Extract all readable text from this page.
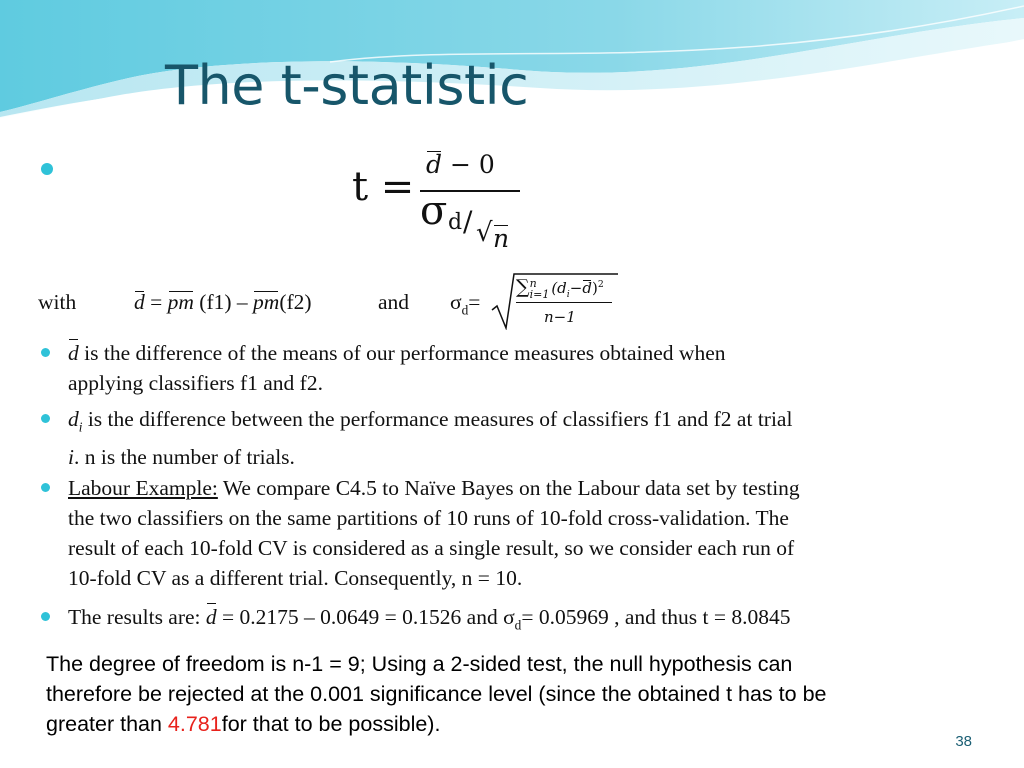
The t-statistic
t = d − 0
σ d / √ n
with	d = pm (f1) – pm(f2)	and $\sigma_d=$
∑n
i=1 $(d_i-d)^2$
n−1
d is the difference of the means of our performance measures obtained when
applying classifiers f1 and f2.
$d_i$ is the difference between the performance measures of classifiers f1 and f2 at trial
i. n is the number of trials.
Labour Example: We compare C4.5 to Naïve Bayes on the Labour data set by testing
the two classifiers on the same partitions of 10 runs of 10-fold cross-validation. The
result of each 10-fold CV is considered as a single result, so we consider each run of
10-fold CV as a different trial. Consequently, n = 10.
The results are: d = 0.2175 – 0.0649 = 0.1526 and $\sigma_d= 0.05969$ , and thus t = 8.0845
The degree of freedom is n-1 = 9; Using a 2-sided test, the null hypothesis can
therefore be rejected at the 0.001 significance level (since the obtained t has to be
greater than 4.781for that to be possible).
38
